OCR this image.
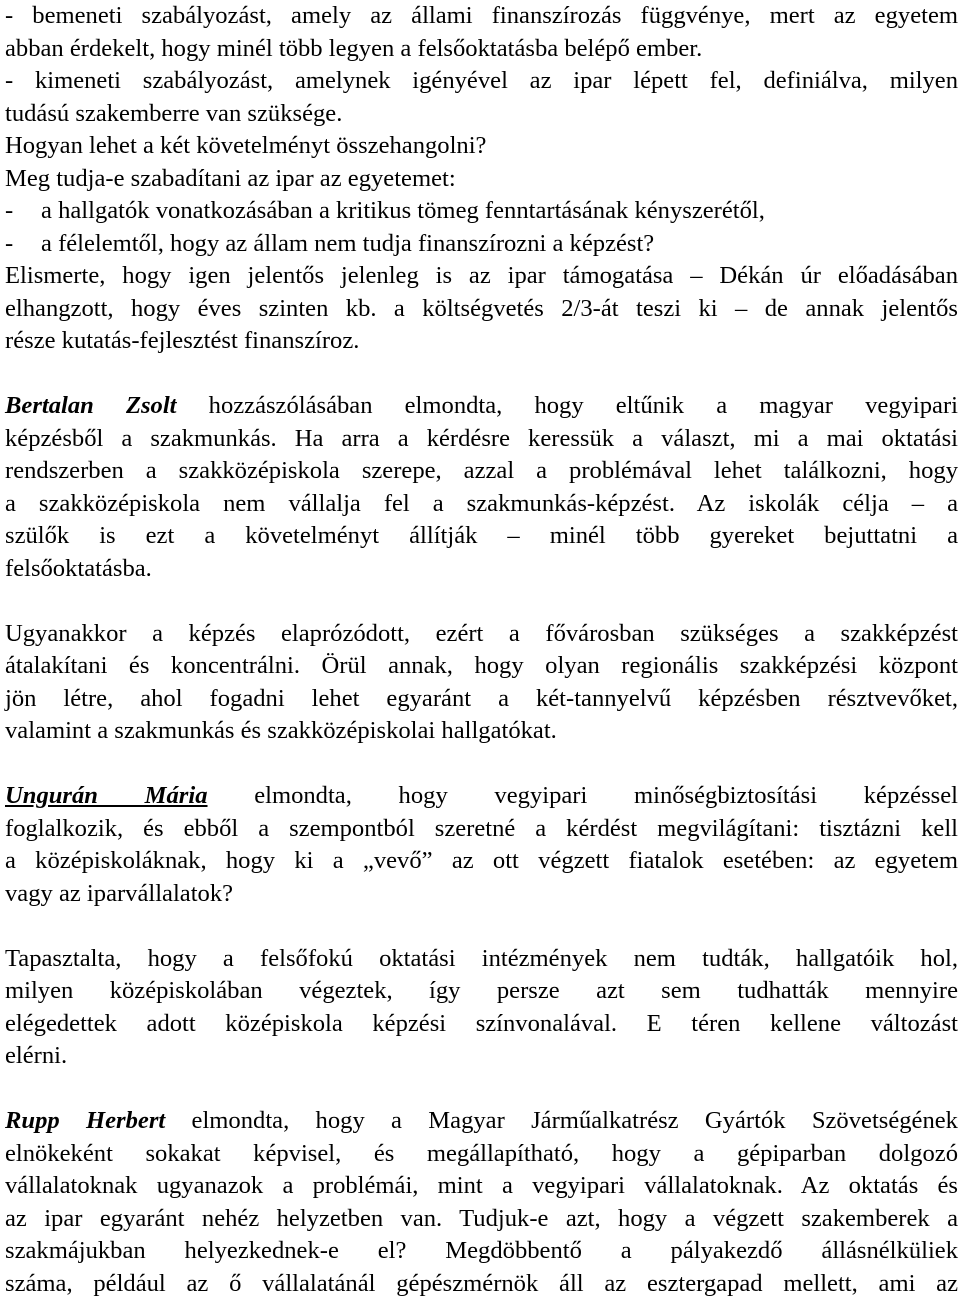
- bemeneti szabályozást, amely az állami finanszírozás függvénye, mert az egyetem
abban érdekelt, hogy minél több legyen a felsőoktatásba belépő ember.
- kimeneti szabályozást, amelynek igényével az ipar lépett fel, definiálva, milyen
tudású szakemberre van szüksége.
Hogyan lehet a két követelményt összehangolni?
Meg tudja-e szabadítani az ipar az egyetemet:
-	a hallgatók vonatkozásában a kritikus tömeg fenntartásának kényszerétől,
-	a félelemtől, hogy az állam nem tudja finanszírozni a képzést?
Elismerte, hogy igen jelentős jelenleg is az ipar támogatása – Dékán úr előadásában
elhangzott, hogy éves szinten kb. a költségvetés 2/3-át teszi ki – de annak jelentős
része kutatás-fejlesztést finanszíroz.
Bertalan Zsolt hozzászólásában elmondta, hogy eltűnik a magyar vegyipari
képzésből a szakmunkás. Ha arra a kérdésre keressük a választ, mi a mai oktatási
rendszerben a szakközépiskola szerepe, azzal a problémával lehet találkozni, hogy
a szakközépiskola nem vállalja fel a szakmunkás-képzést. Az iskolák célja – a
szülők is ezt a követelményt állítják – minél több gyereket bejuttatni a
felsőoktatásba.
Ugyanakkor a képzés elaprózódott, ezért a fővárosban szükséges a szakképzést
átalakítani és koncentrálni. Örül annak, hogy olyan regionális szakképzési központ
jön létre, ahol fogadni lehet egyaránt a két-tannyelvű képzésben résztvevőket,
valamint a szakmunkás és szakközépiskolai hallgatókat.
Ungurán Mária elmondta, hogy vegyipari minőségbiztosítási képzéssel
foglalkozik, és ebből a szempontból szeretné a kérdést megvilágítani: tisztázni kell
a középiskoláknak, hogy ki a „vevő” az ott végzett fiatalok esetében: az egyetem
vagy az iparvállalatok?
Tapasztalta, hogy a felsőfokú oktatási intézmények nem tudták, hallgatóik hol,
milyen középiskolában végeztek, így persze azt sem tudhatták mennyire
elégedettek adott középiskola képzési színvonalával. E téren kellene változást
elérni.
Rupp Herbert elmondta, hogy a Magyar Járműalkatrész Gyártók Szövetségének
elnökeként sokakat képvisel, és megállapítható, hogy a gépiparban dolgozó
vállalatoknak ugyanazok a problémái, mint a vegyipari vállalatoknak. Az oktatás és
az ipar egyaránt nehéz helyzetben van. Tudjuk-e azt, hogy a végzett szakemberek a
szakmájukban helyezkednek-e el? Megdöbbentő a pályakezdő állásnélküliek
száma, például az ő vállalatánál gépészmérnök áll az esztergapad mellett, ami az
